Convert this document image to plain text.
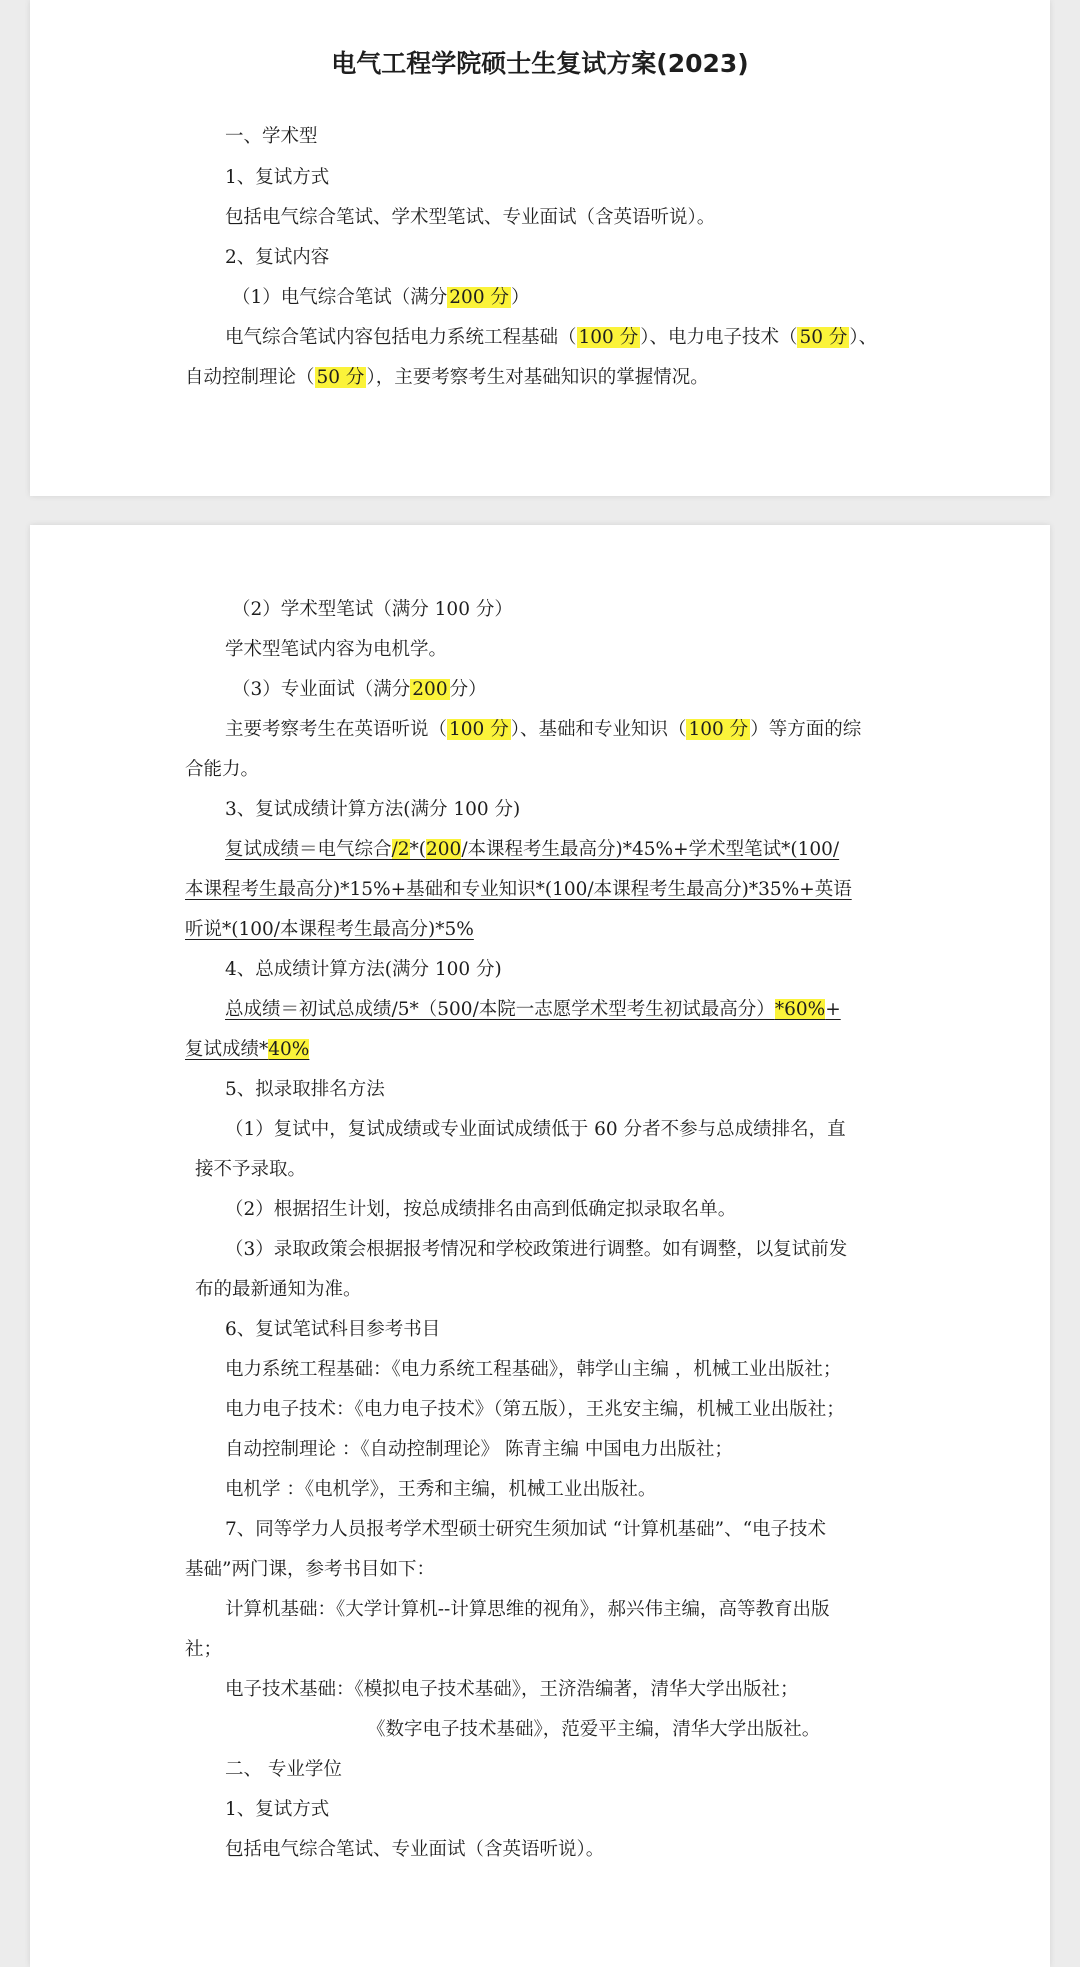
电气工程学院硕士生复试方案(2023)

一、学术型

1、复试方式

包括电气综合笔试、学术型笔试、专业面试（含英语听说）。

2、复试内容

（1）电气综合笔试（满分 200 分 ）

电气综合笔试内容包括电力系统工程基础（ 100 分 ）、电力电子技术（ 50 分 ）、

自动控制理论（ 50 分 ），主要考察考生对基础知识的掌握情况。

（2）学术型笔试（满分 100 分）

学术型笔试内容为电机学。

（3）专业面试（满分 200 分）

主要考察考生在英语听说（ 100 分 ）、基础和专业知识（ 100 分 ）等方面的综

合能力。

3、复试成绩计算方法(满分 100 分)

复试成绩＝电气综合/2*(200/本课程考生最高分)*45%+学术型笔试*(100/

本课程考生最高分)*15%+基础和专业知识*(100/本课程考生最高分)*35%+英语

听说*(100/本课程考生最高分)*5%

4、总成绩计算方法(满分 100 分)

总成绩＝初试总成绩/5*（500/本院一志愿学术型考生初试最高分）*60%+

复试成绩*40%

5、拟录取排名方法

（1）复试中，复试成绩或专业面试成绩低于 60 分者不参与总成绩排名，直

接不予录取。

（2）根据招生计划，按总成绩排名由高到低确定拟录取名单。

（3）录取政策会根据报考情况和学校政策进行调整。如有调整，以复试前发

布的最新通知为准。

6、复试笔试科目参考书目

电力系统工程基础：《电力系统工程基础》，韩学山主编 ，机械工业出版社；

电力电子技术：《电力电子技术》（第五版），王兆安主编，机械工业出版社；

自动控制理论 ：《自动控制理论》 陈青主编 中国电力出版社；

电机学 ：《电机学》，王秀和主编，机械工业出版社。

7、同等学力人员报考学术型硕士研究生须加试 “计算机基础”、“电子技术

基础”两门课，参考书目如下：

计算机基础：《大学计算机--计算思维的视角》，郝兴伟主编，高等教育出版

社；

电子技术基础：《模拟电子技术基础》，王济浩编著，清华大学出版社；

《数字电子技术基础》，范爱平主编，清华大学出版社。

二、 专业学位

1、复试方式

包括电气综合笔试、专业面试（含英语听说）。
